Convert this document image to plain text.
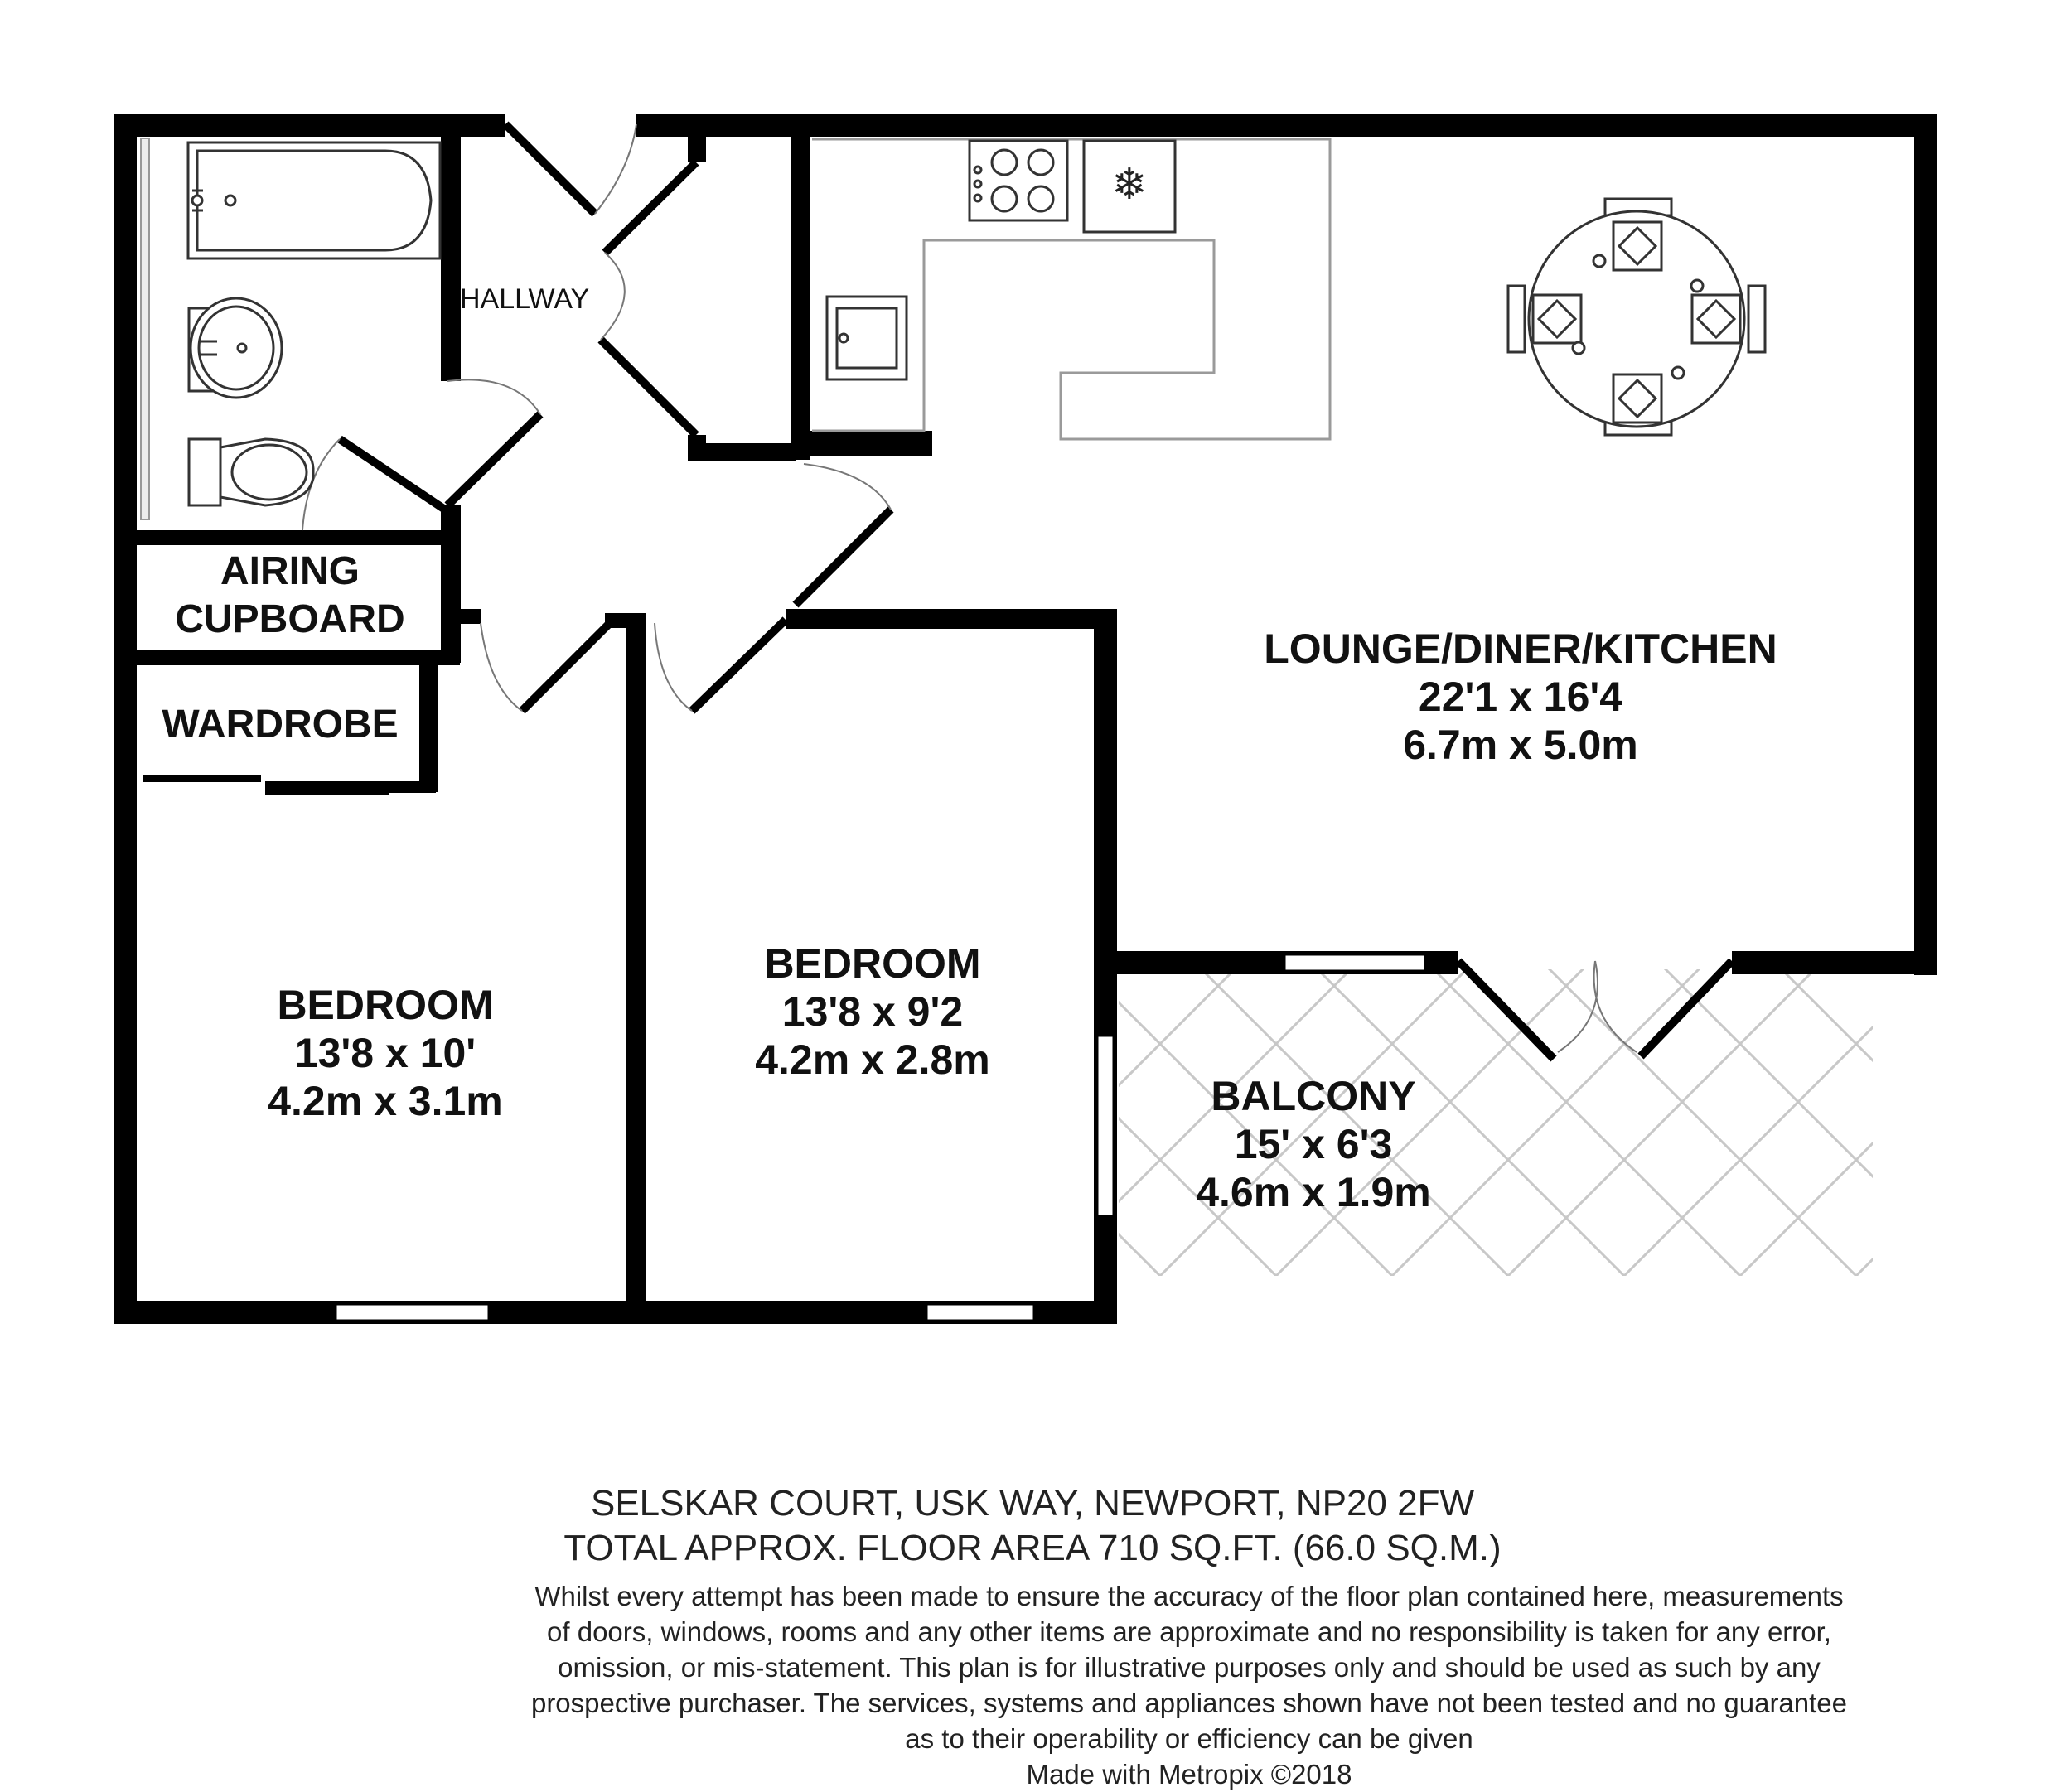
❄
HALLWAY
AIRING
CUPBOARD
WARDROBE
LOUNGE/DINER/KITCHEN
22'1 x 16'4
6.7m x 5.0m
BEDROOM
13'8 x 10'
4.2m x 3.1m
BEDROOM
13'8 x 9'2
4.2m x 2.8m
BALCONY
15' x 6'3
4.6m x 1.9m
SELSKAR COURT, USK WAY, NEWPORT, NP20 2FW
TOTAL APPROX. FLOOR AREA 710 SQ.FT. (66.0 SQ.M.)
Whilst every attempt has been made to ensure the accuracy of the floor plan contained here, measurements
of doors, windows, rooms and any other items are approximate and no responsibility is taken for any error,
omission, or mis-statement. This plan is for illustrative purposes only and should be used as such by any
prospective purchaser. The services, systems and appliances shown have not been tested and no guarantee
as to their operability or efficiency can be given
Made with Metropix ©2018
